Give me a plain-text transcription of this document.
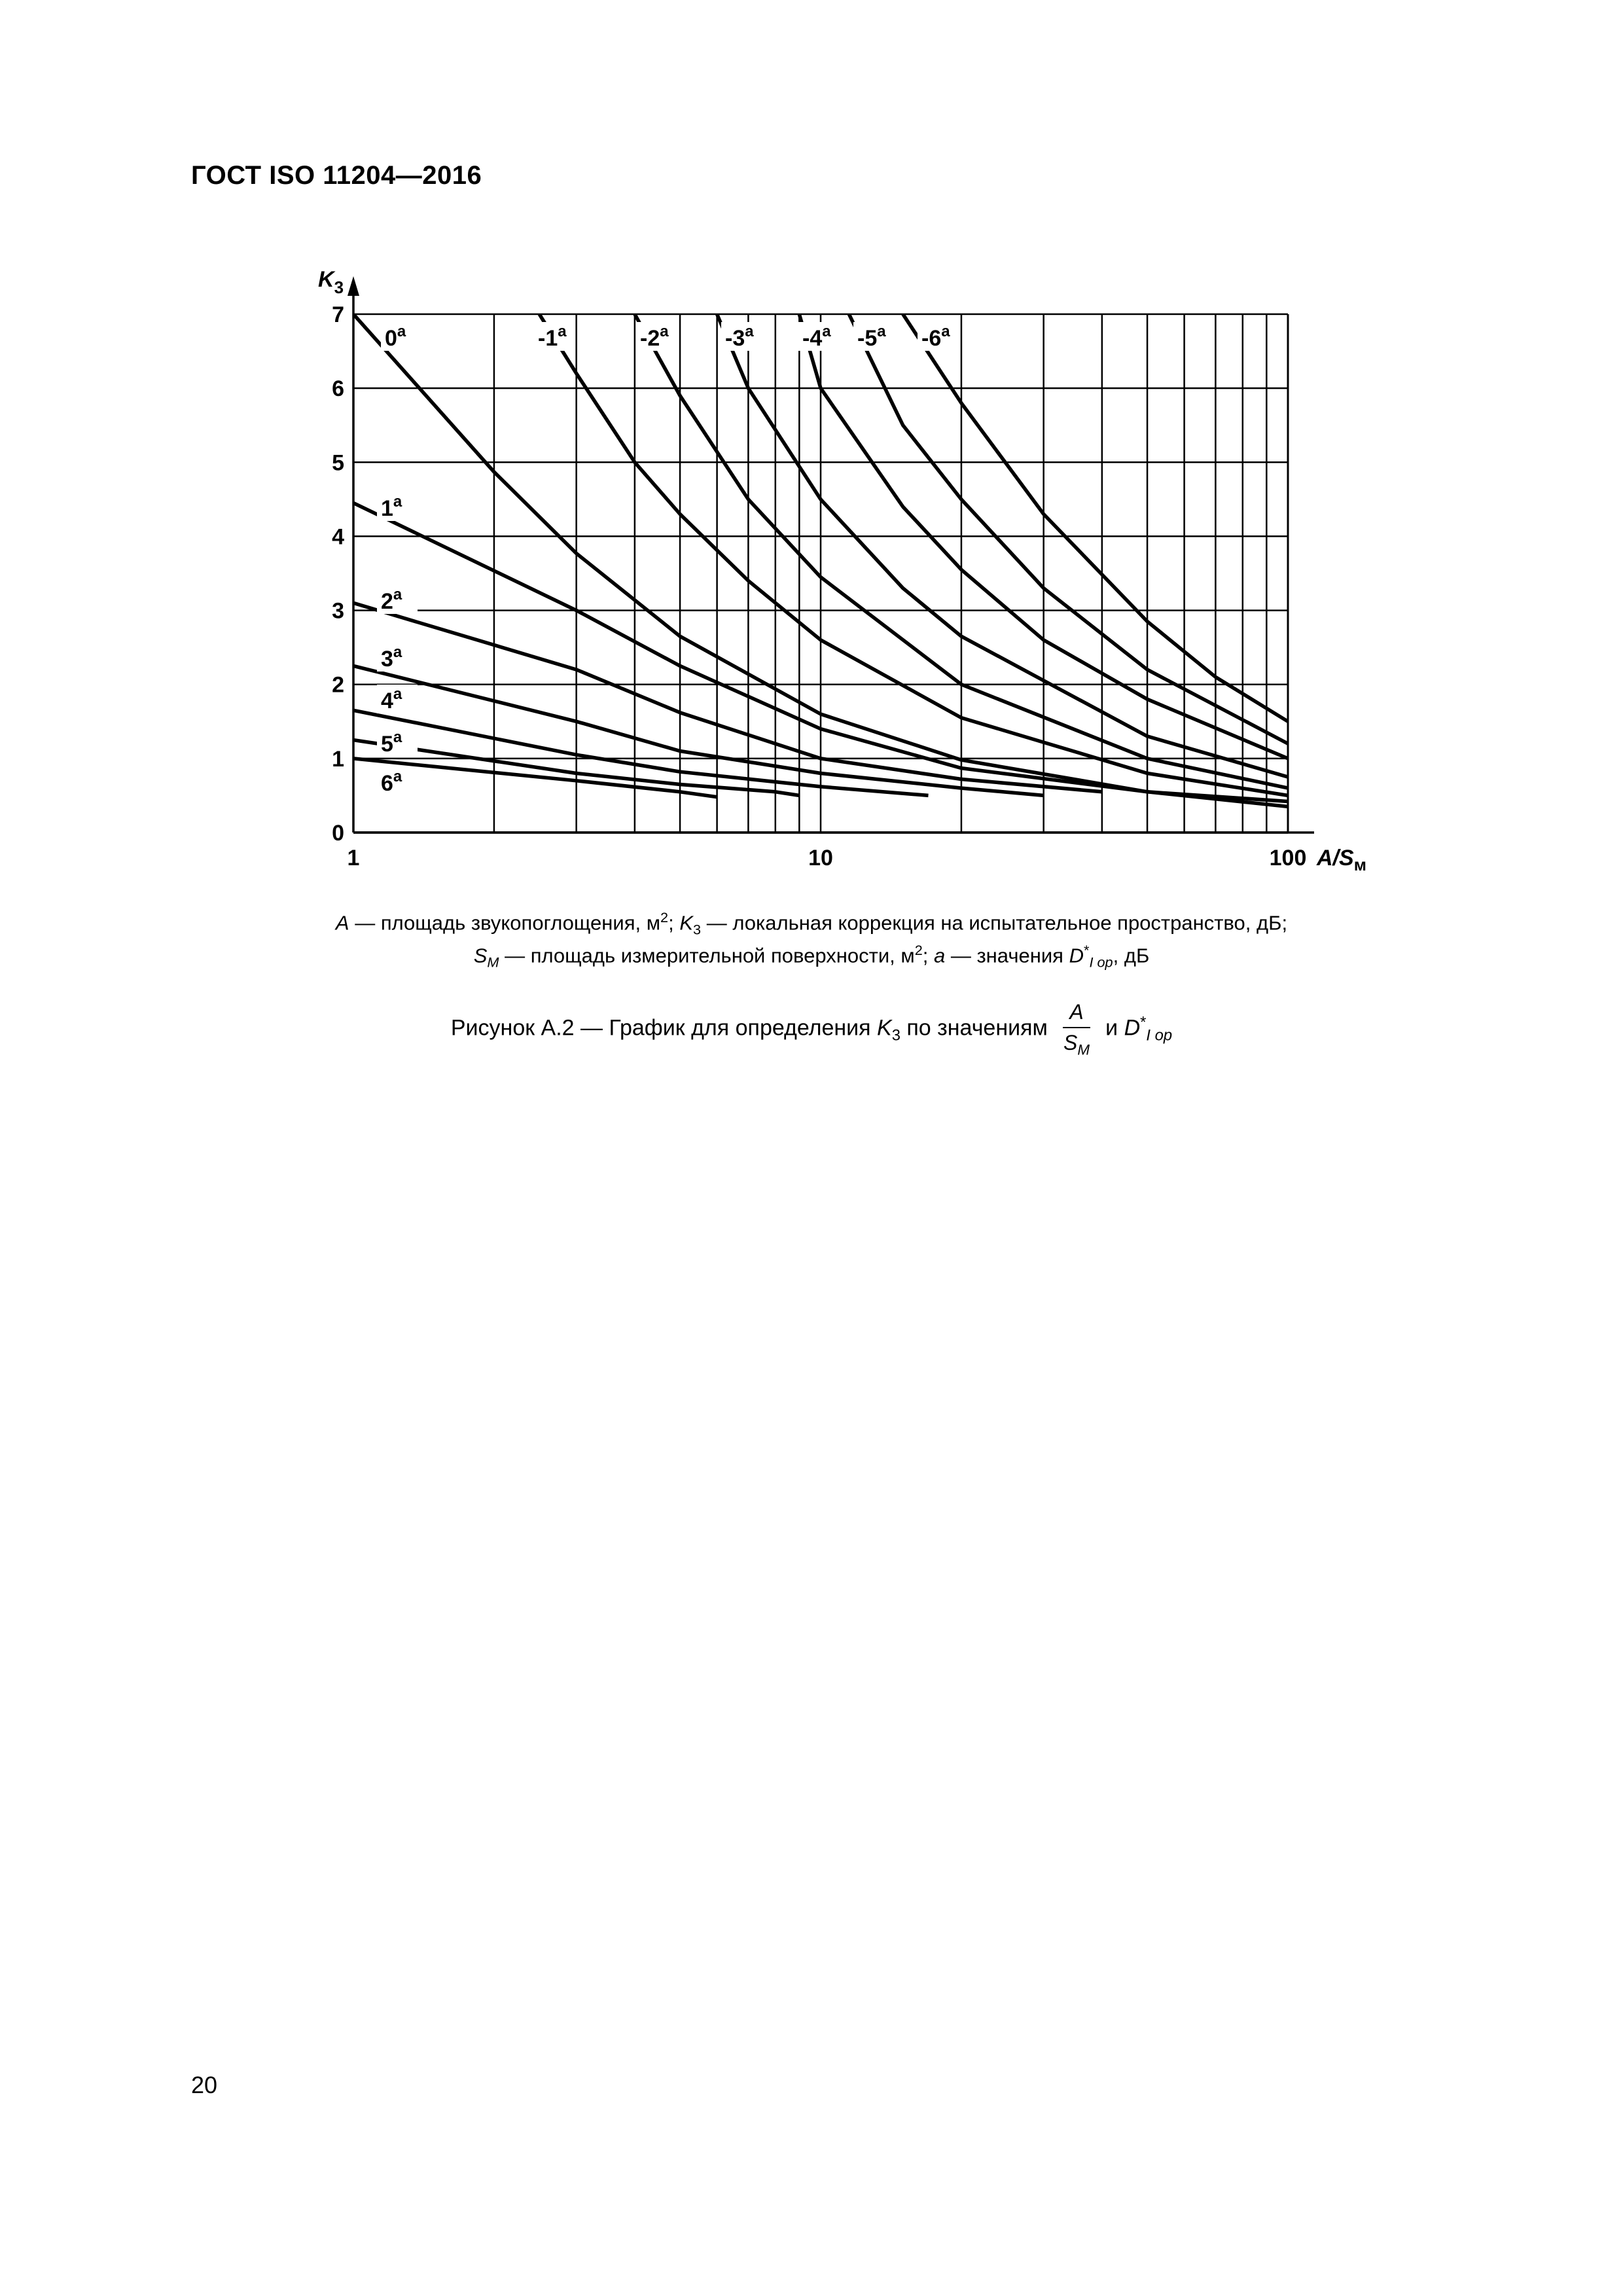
ГОСТ ISO 11204—2016
1	10	100
0
1
2
3
4
5
6
7
$K_3$
$A/S_м$
0$^a$	-1$^a$	-2$^a$	-3$^a$ -4$^a$ -5$^a$ -6$^a$
1$^a$
2$^a$
3$^a$
4$^a$
5$^a$
6$^a$
A — площадь звукопоглощения, $м^2$; $K_3$ — локальная коррекция на испытательное пространство, дБ;
$S_M$ — площадь измерительной поверхности, $м^2$; a — значения $D^*_{I op}$, дБ
Рисунок А.2 — График для определения $K_3$ по значениям $\frac{A}{S_M}$ и $D^*_{I op}$
20
